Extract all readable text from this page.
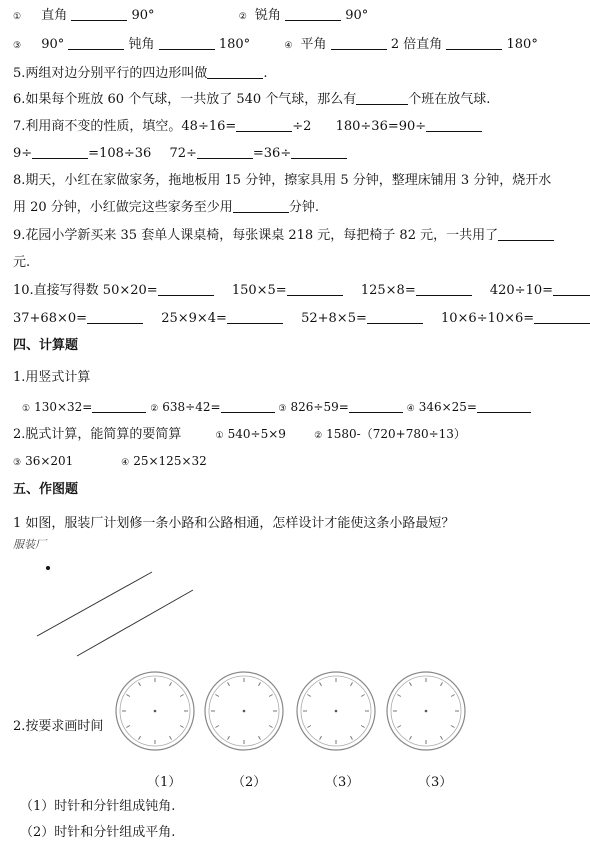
① 直角	90°	② 锐角	90°
③ 90°	钝角	180°	④ 平角	2 倍直角	180°
5.两组对边分别平行的四边形叫做	.
6.如果每个班放 60 个气球，一共放了 540 个气球，那么有	个班在放气球.
7.利用商不变的性质，填空。48÷16=	÷2 180÷36=90÷
9÷	=108÷36 72÷	=36÷
8.期天，小红在家做家务，拖地板用 15 分钟，擦家具用 5 分钟，整理床铺用 3 分钟，烧开水
用 20 分钟，小红做完这些家务至少用	分钟.
9.花园小学新买来 35 套单人课桌椅，每张课桌 218 元，每把椅子 82 元，一共用了
元.
10.直接写得数 50×20=	150×5=	125×8=	420÷10=
37+68×0=	25×9×4=	52+8×5=	10×6÷10×6=
四、计算题
1.用竖式计算
① 130×32=	② 638÷42=	③ 826÷59=	④ 346×25=
2.脱式计算，能简算的要简算	① 540÷5×9	② 1580-（720+780÷13）
③ 36×201	④ 25×125×32
五、作图题
1 如图，服装厂计划修一条小路和公路相通，怎样设计才能使这条小路最短？
服装厂
2.按要求画时间
（1）	（2）	（3）	（3）
（1）时针和分针组成钝角.
（2）时针和分针组成平角.
